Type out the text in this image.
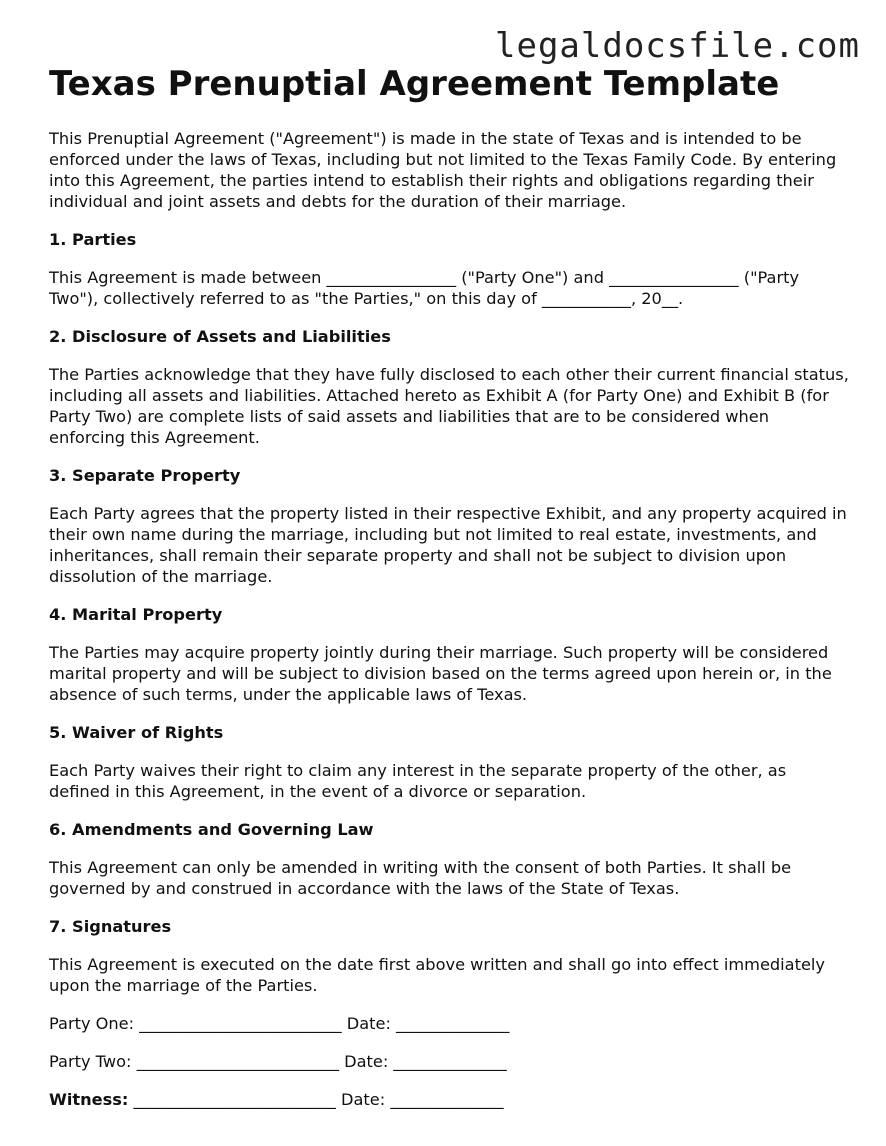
legaldocsfile.com
Texas Prenuptial Agreement Template

This Prenuptial Agreement ("Agreement") is made in the state of Texas and is intended to be enforced under the laws of Texas, including but not limited to the Texas Family Code. By entering into this Agreement, the parties intend to establish their rights and obligations regarding their individual and joint assets and debts for the duration of their marriage.

1. Parties

This Agreement is made between ________________ ("Party One") and ________________ ("Party Two"), collectively referred to as "the Parties," on this day of ___________, 20__.

2. Disclosure of Assets and Liabilities

The Parties acknowledge that they have fully disclosed to each other their current financial status, including all assets and liabilities. Attached hereto as Exhibit A (for Party One) and Exhibit B (for Party Two) are complete lists of said assets and liabilities that are to be considered when enforcing this Agreement.

3. Separate Property

Each Party agrees that the property listed in their respective Exhibit, and any property acquired in their own name during the marriage, including but not limited to real estate, investments, and inheritances, shall remain their separate property and shall not be subject to division upon dissolution of the marriage.

4. Marital Property

The Parties may acquire property jointly during their marriage. Such property will be considered marital property and will be subject to division based on the terms agreed upon herein or, in the absence of such terms, under the applicable laws of Texas.

5. Waiver of Rights

Each Party waives their right to claim any interest in the separate property of the other, as defined in this Agreement, in the event of a divorce or separation.

6. Amendments and Governing Law

This Agreement can only be amended in writing with the consent of both Parties. It shall be governed by and construed in accordance with the laws of the State of Texas.

7. Signatures

This Agreement is executed on the date first above written and shall go into effect immediately upon the marriage of the Parties.

Party One: _________________________ Date: ______________

Party Two: _________________________ Date: ______________

Witness: _________________________ Date: ______________
